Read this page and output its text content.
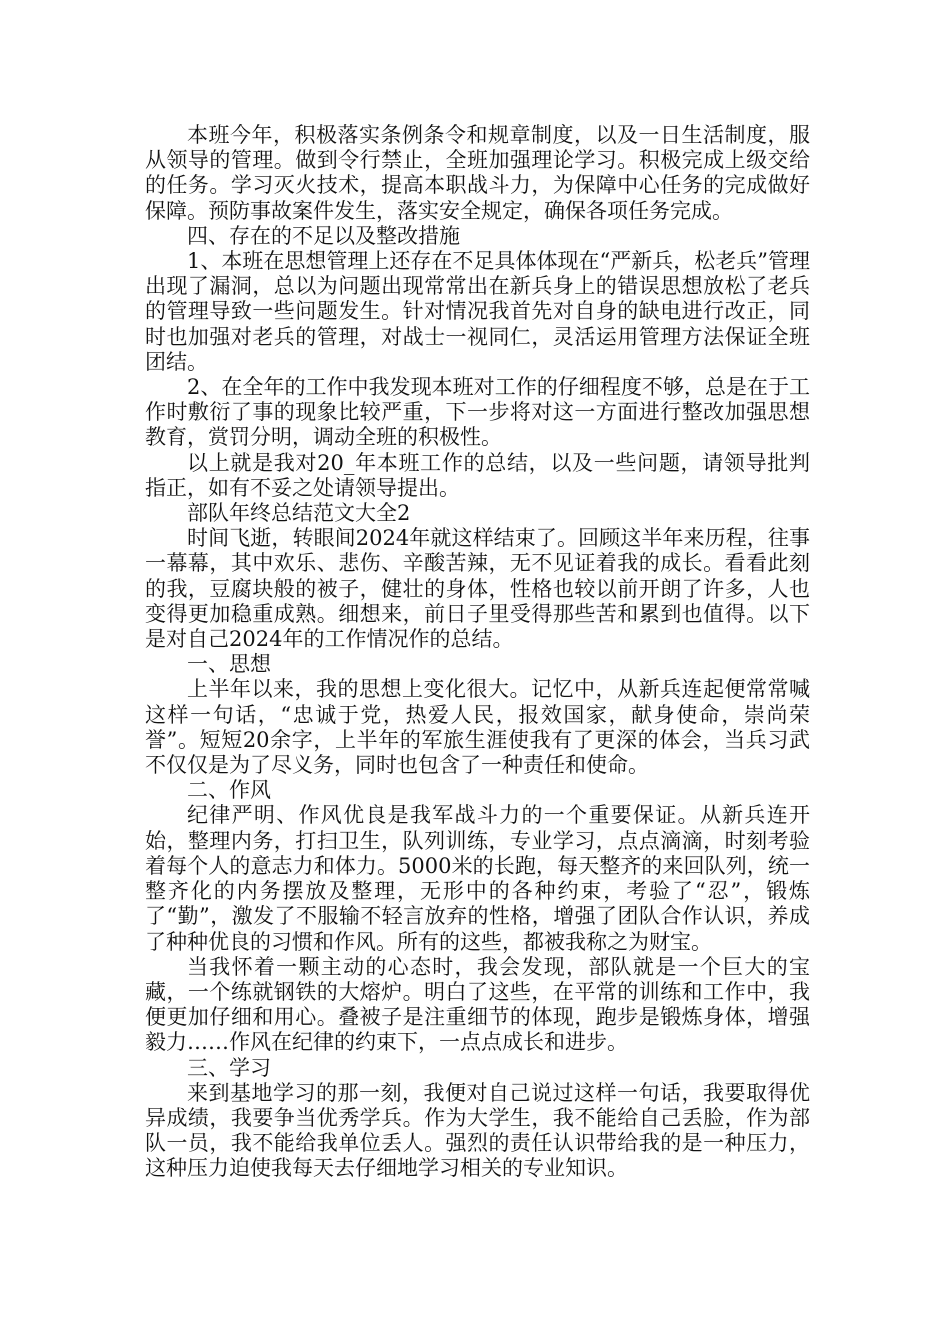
本班今年，积极落实条例条令和规章制度，以及一日生活制度，服从领导的管理。做到令行禁止，全班加强理论学习。积极完成上级交给的任务。学习灭火技术，提高本职战斗力，为保障中心任务的完成做好保障。预防事故案件发生，落实安全规定，确保各项任务完成。

四、存在的不足以及整改措施

1、本班在思想管理上还存在不足具体体现在“严新兵，松老兵”管理出现了漏洞，总以为问题出现常常出在新兵身上的错误思想放松了老兵的管理导致一些问题发生。针对情况我首先对自身的缺电进行改正，同时也加强对老兵的管理，对战士一视同仁，灵活运用管理方法保证全班团结。

2、在全年的工作中我发现本班对工作的仔细程度不够，总是在于工作时敷衍了事的现象比较严重，下一步将对这一方面进行整改加强思想教育，赏罚分明，调动全班的积极性。

以上就是我对20_年本班工作的总结，以及一些问题，请领导批判指正，如有不妥之处请领导提出。

部队年终总结范文大全2

时间飞逝，转眼间2024年就这样结束了。回顾这半年来历程，往事一幕幕，其中欢乐、悲伤、辛酸苦辣，无不见证着我的成长。看看此刻的我，豆腐块般的被子，健壮的身体，性格也较以前开朗了许多，人也变得更加稳重成熟。细想来，前日子里受得那些苦和累到也值得。以下是对自己2024年的工作情况作的总结。

一、思想

上半年以来，我的思想上变化很大。记忆中，从新兵连起便常常喊这样一句话，“忠诚于党，热爱人民，报效国家，献身使命，崇尚荣誉”。短短20余字，上半年的军旅生涯使我有了更深的体会，当兵习武不仅仅是为了尽义务，同时也包含了一种责任和使命。

二、作风

纪律严明、作风优良是我军战斗力的一个重要保证。从新兵连开始，整理内务，打扫卫生，队列训练，专业学习，点点滴滴，时刻考验着每个人的意志力和体力。5000米的长跑，每天整齐的来回队列，统一整齐化的内务摆放及整理，无形中的各种约束，考验了“忍”，锻炼了“勤”，激发了不服输不轻言放弃的性格，增强了团队合作认识，养成了种种优良的习惯和作风。所有的这些，都被我称之为财宝。

当我怀着一颗主动的心态时，我会发现，部队就是一个巨大的宝藏，一个练就钢铁的大熔炉。明白了这些，在平常的训练和工作中，我便更加仔细和用心。叠被子是注重细节的体现，跑步是锻炼身体，增强毅力……作风在纪律的约束下，一点点成长和进步。

三、学习

来到基地学习的那一刻，我便对自己说过这样一句话，我要取得优异成绩，我要争当优秀学兵。作为大学生，我不能给自己丢脸，作为部队一员，我不能给我单位丢人。强烈的责任认识带给我的是一种压力，这种压力迫使我每天去仔细地学习相关的专业知识。
